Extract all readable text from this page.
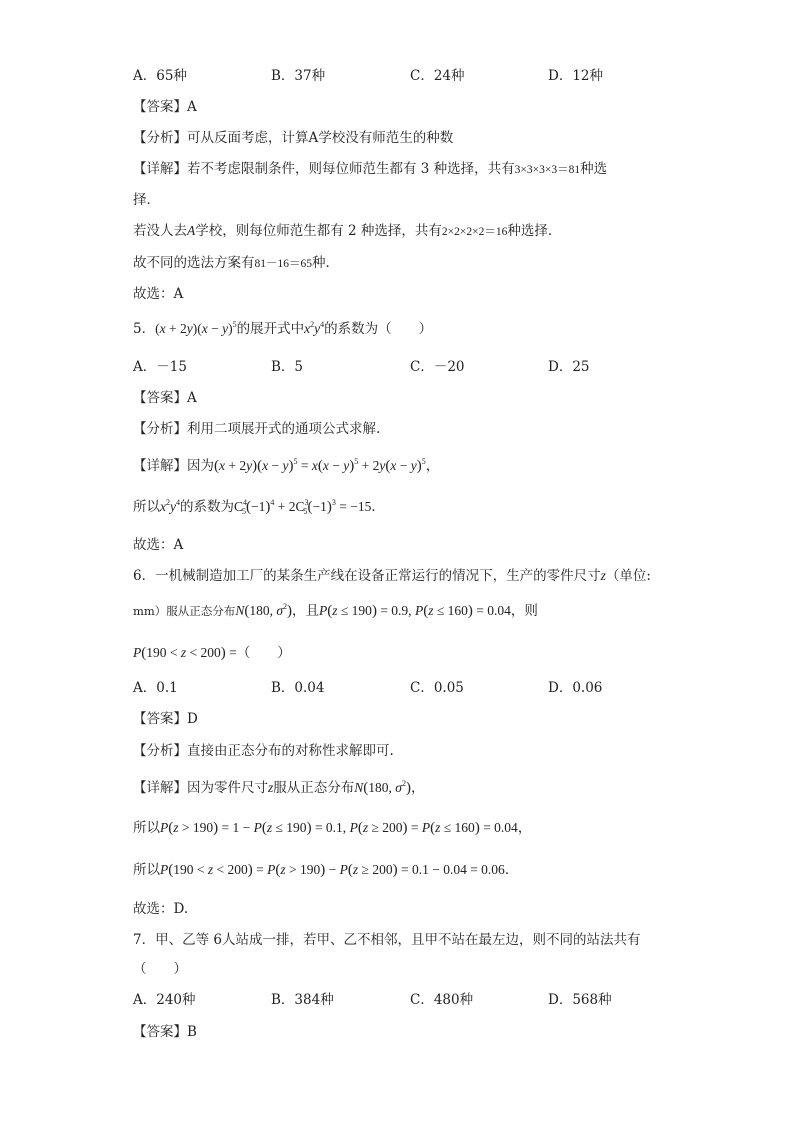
A．65种	B．37种	C．24种	D．12种
【答案】A
【分析】可从反面考虑，计算A学校没有师范生的种数
【详解】若不考虑限制条件，则每位师范生都有 3 种选择，共有3×3×3×3＝81种选
择．
若没人去A学校，则每位师范生都有 2 种选择，共有2×2×2×2＝16种选择．
故不同的选法方案有81－16＝65种．
故选：A
5．$(x + 2y)(x - y)^5$的展开式中$x^2y^4$的系数为（　　）
A．－15	B．5	C．－20	D．25
【答案】A
【分析】利用二项展开式的通项公式求解.
【详解】因为$(x + 2y)(x - y)^5 = x(x - y)^5 + 2y(x - y)^5$，
所以$x^2y^4$的系数为$C^4_5(-1)^4 + 2C^3_5(-1)^3 = -15$．
故选：A
6．一机械制造加工厂的某条生产线在设备正常运行的情况下，生产的零件尺寸z（单位:
mm）服从正态分布N(180, $\sigma^2$)，且P(z ≤ 190) = 0.9, P(z ≤ 160) = 0.04，则
P(190 < z < 200) =（　　）
A．0.1	B．0.04	C．0.05	D．0.06
【答案】D
【分析】直接由正态分布的对称性求解即可.
【详解】因为零件尺寸z服从正态分布N(180, $\sigma^2$)，
所以P(z > 190) = 1 − P(z ≤ 190) = 0.1, P(z ≥ 200) = P(z ≤ 160) = 0.04，
所以P(190 < z < 200) = P(z > 190) − P(z ≥ 200) = 0.1 − 0.04 = 0.06．
故选：D.
7．甲、乙等 6人站成一排，若甲、乙不相邻，且甲不站在最左边，则不同的站法共有
（　　）
A．240种	B．384种	C．480种	D．568种
【答案】B
